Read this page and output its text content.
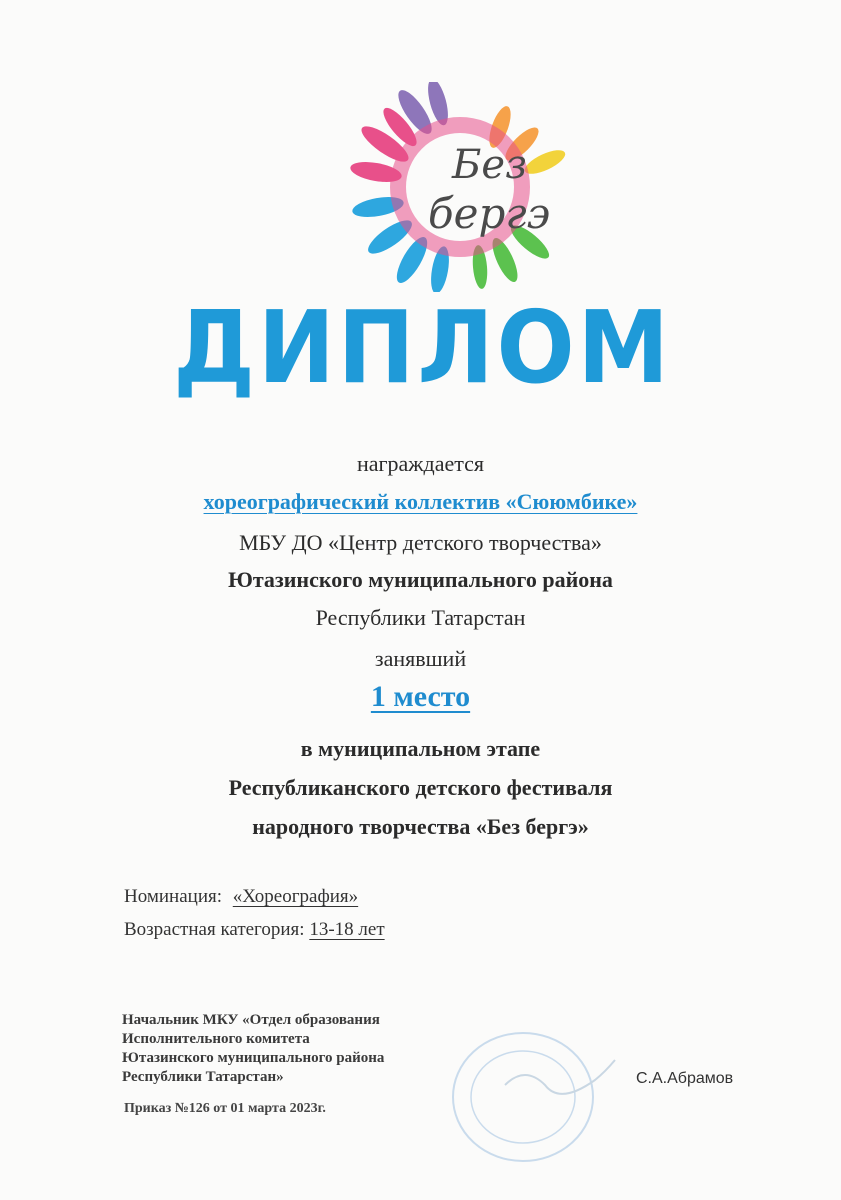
Без
бергэ
ДИПЛОМ
награждается
хореографический коллектив «Сююмбике»
МБУ ДО «Центр детского творчества»
Ютазинского муниципального района
Республики Татарстан
занявший
1 место
в муниципальном этапе
Республиканского детского фестиваля
народного творчества «Без бергэ»
Номинация: «Хореография»
Возрастная категория: 13-18 лет
Начальник МКУ «Отдел образования
Исполнительного комитета
Ютазинского муниципального района
Республики Татарстан»	С.А.Абрамов
Приказ №126 от 01 марта 2023г.
